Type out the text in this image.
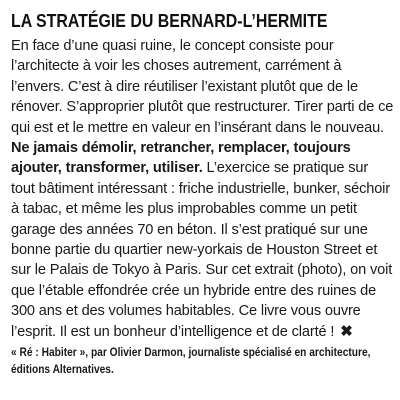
LA STRATÉGIE DU BERNARD-L’HERMITE

En face d’une quasi ruine, le concept consiste pour l’architecte à voir les choses autrement, carrément à l’envers. C’est à dire réutiliser l’existant plutôt que de le rénover. S’approprier plutôt que restructurer. Tirer parti de ce qui est et le mettre en valeur en l’insérant dans le nouveau. Ne jamais démolir, retrancher, remplacer, toujours ajouter, transformer, utiliser. L’exercice se pratique sur tout bâtiment intéressant : friche industrielle, bunker, séchoir à tabac, et même les plus improbables comme un petit garage des années 70 en béton. Il s’est pratiqué sur une bonne partie du quartier new-yorkais de Houston Street et sur le Palais de Tokyo à Paris. Sur cet extrait (photo), on voit que l’étable effondrée crée un hybride entre des ruines de 300 ans et des volumes habitables. Ce livre vous ouvre l’esprit. Il est un bonheur d’intelligence et de clarté ! ✖

« Ré : Habiter », par Olivier Darmon, journaliste spécialisé en architecture, éditions Alternatives.
